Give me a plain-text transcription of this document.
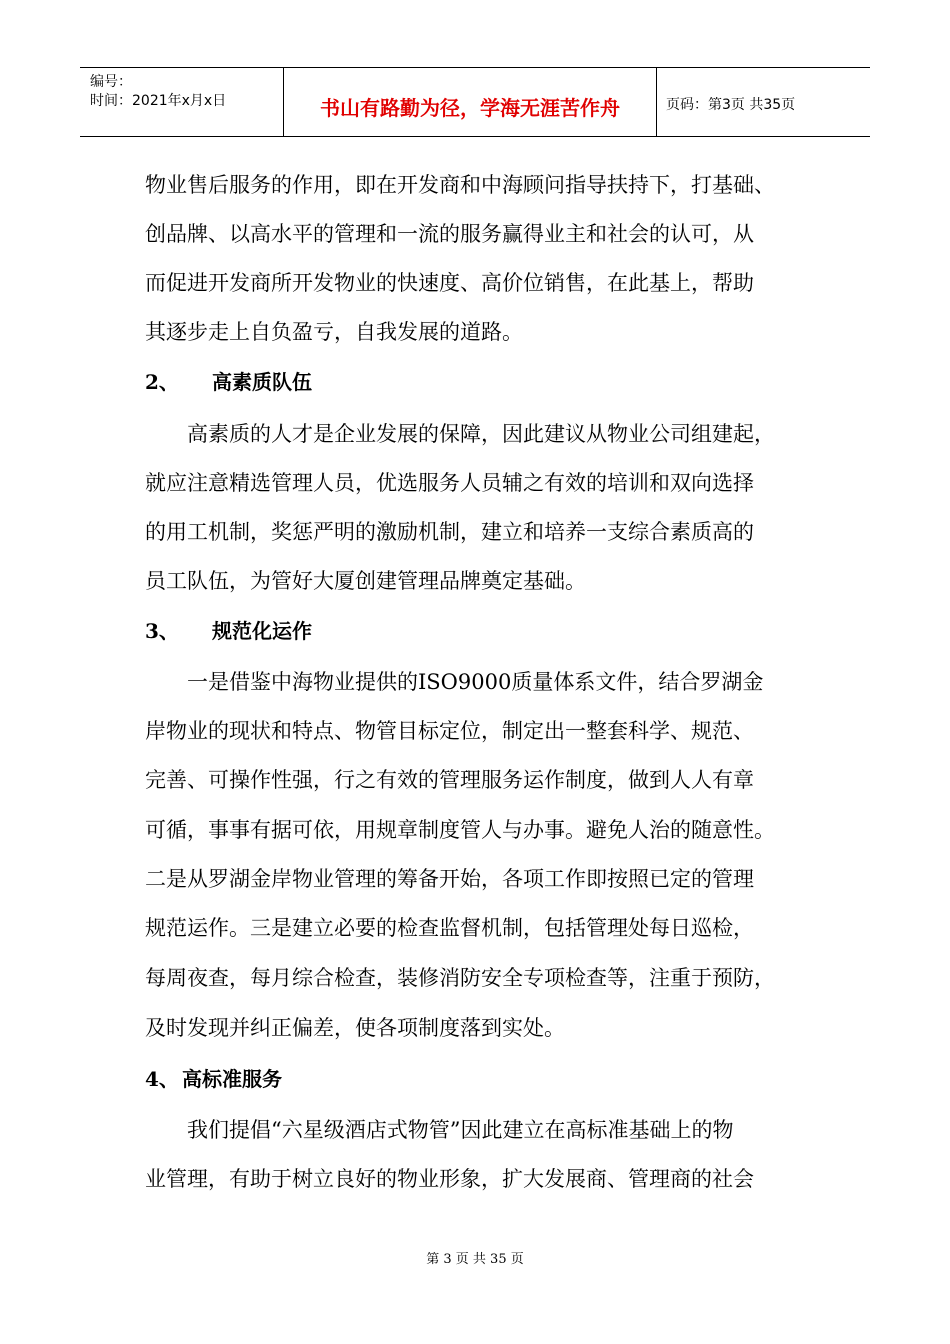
编号：
时间：2021年x月x日	书山有路勤为径，学海无涯苦作舟	页码：第3页 共35页
物业售后服务的作用，即在开发商和中海顾问指导扶持下，打基础、
创品牌、以高水平的管理和一流的服务赢得业主和社会的认可，从
而促进开发商所开发物业的快速度、高价位销售，在此基上，帮助
其逐步走上自负盈亏，自我发展的道路。
2、 高素质队伍
高素质的人才是企业发展的保障，因此建议从物业公司组建起，
就应注意精选管理人员，优选服务人员辅之有效的培训和双向选择
的用工机制，奖惩严明的激励机制，建立和培养一支综合素质高的
员工队伍，为管好大厦创建管理品牌奠定基础。
3、 规范化运作
一是借鉴中海物业提供的ISO9000质量体系文件，结合罗湖金
岸物业的现状和特点、物管目标定位，制定出一整套科学、规范、
完善、可操作性强，行之有效的管理服务运作制度，做到人人有章
可循，事事有据可依，用规章制度管人与办事。避免人治的随意性。
二是从罗湖金岸物业管理的筹备开始，各项工作即按照已定的管理
规范运作。三是建立必要的检查监督机制，包括管理处每日巡检，
每周夜查，每月综合检查，装修消防安全专项检查等，注重于预防，
及时发现并纠正偏差，使各项制度落到实处。
4、 高标准服务
我们提倡“六星级酒店式物管”因此建立在高标准基础上的物
业管理，有助于树立良好的物业形象，扩大发展商、管理商的社会
第 3 页 共 35 页
